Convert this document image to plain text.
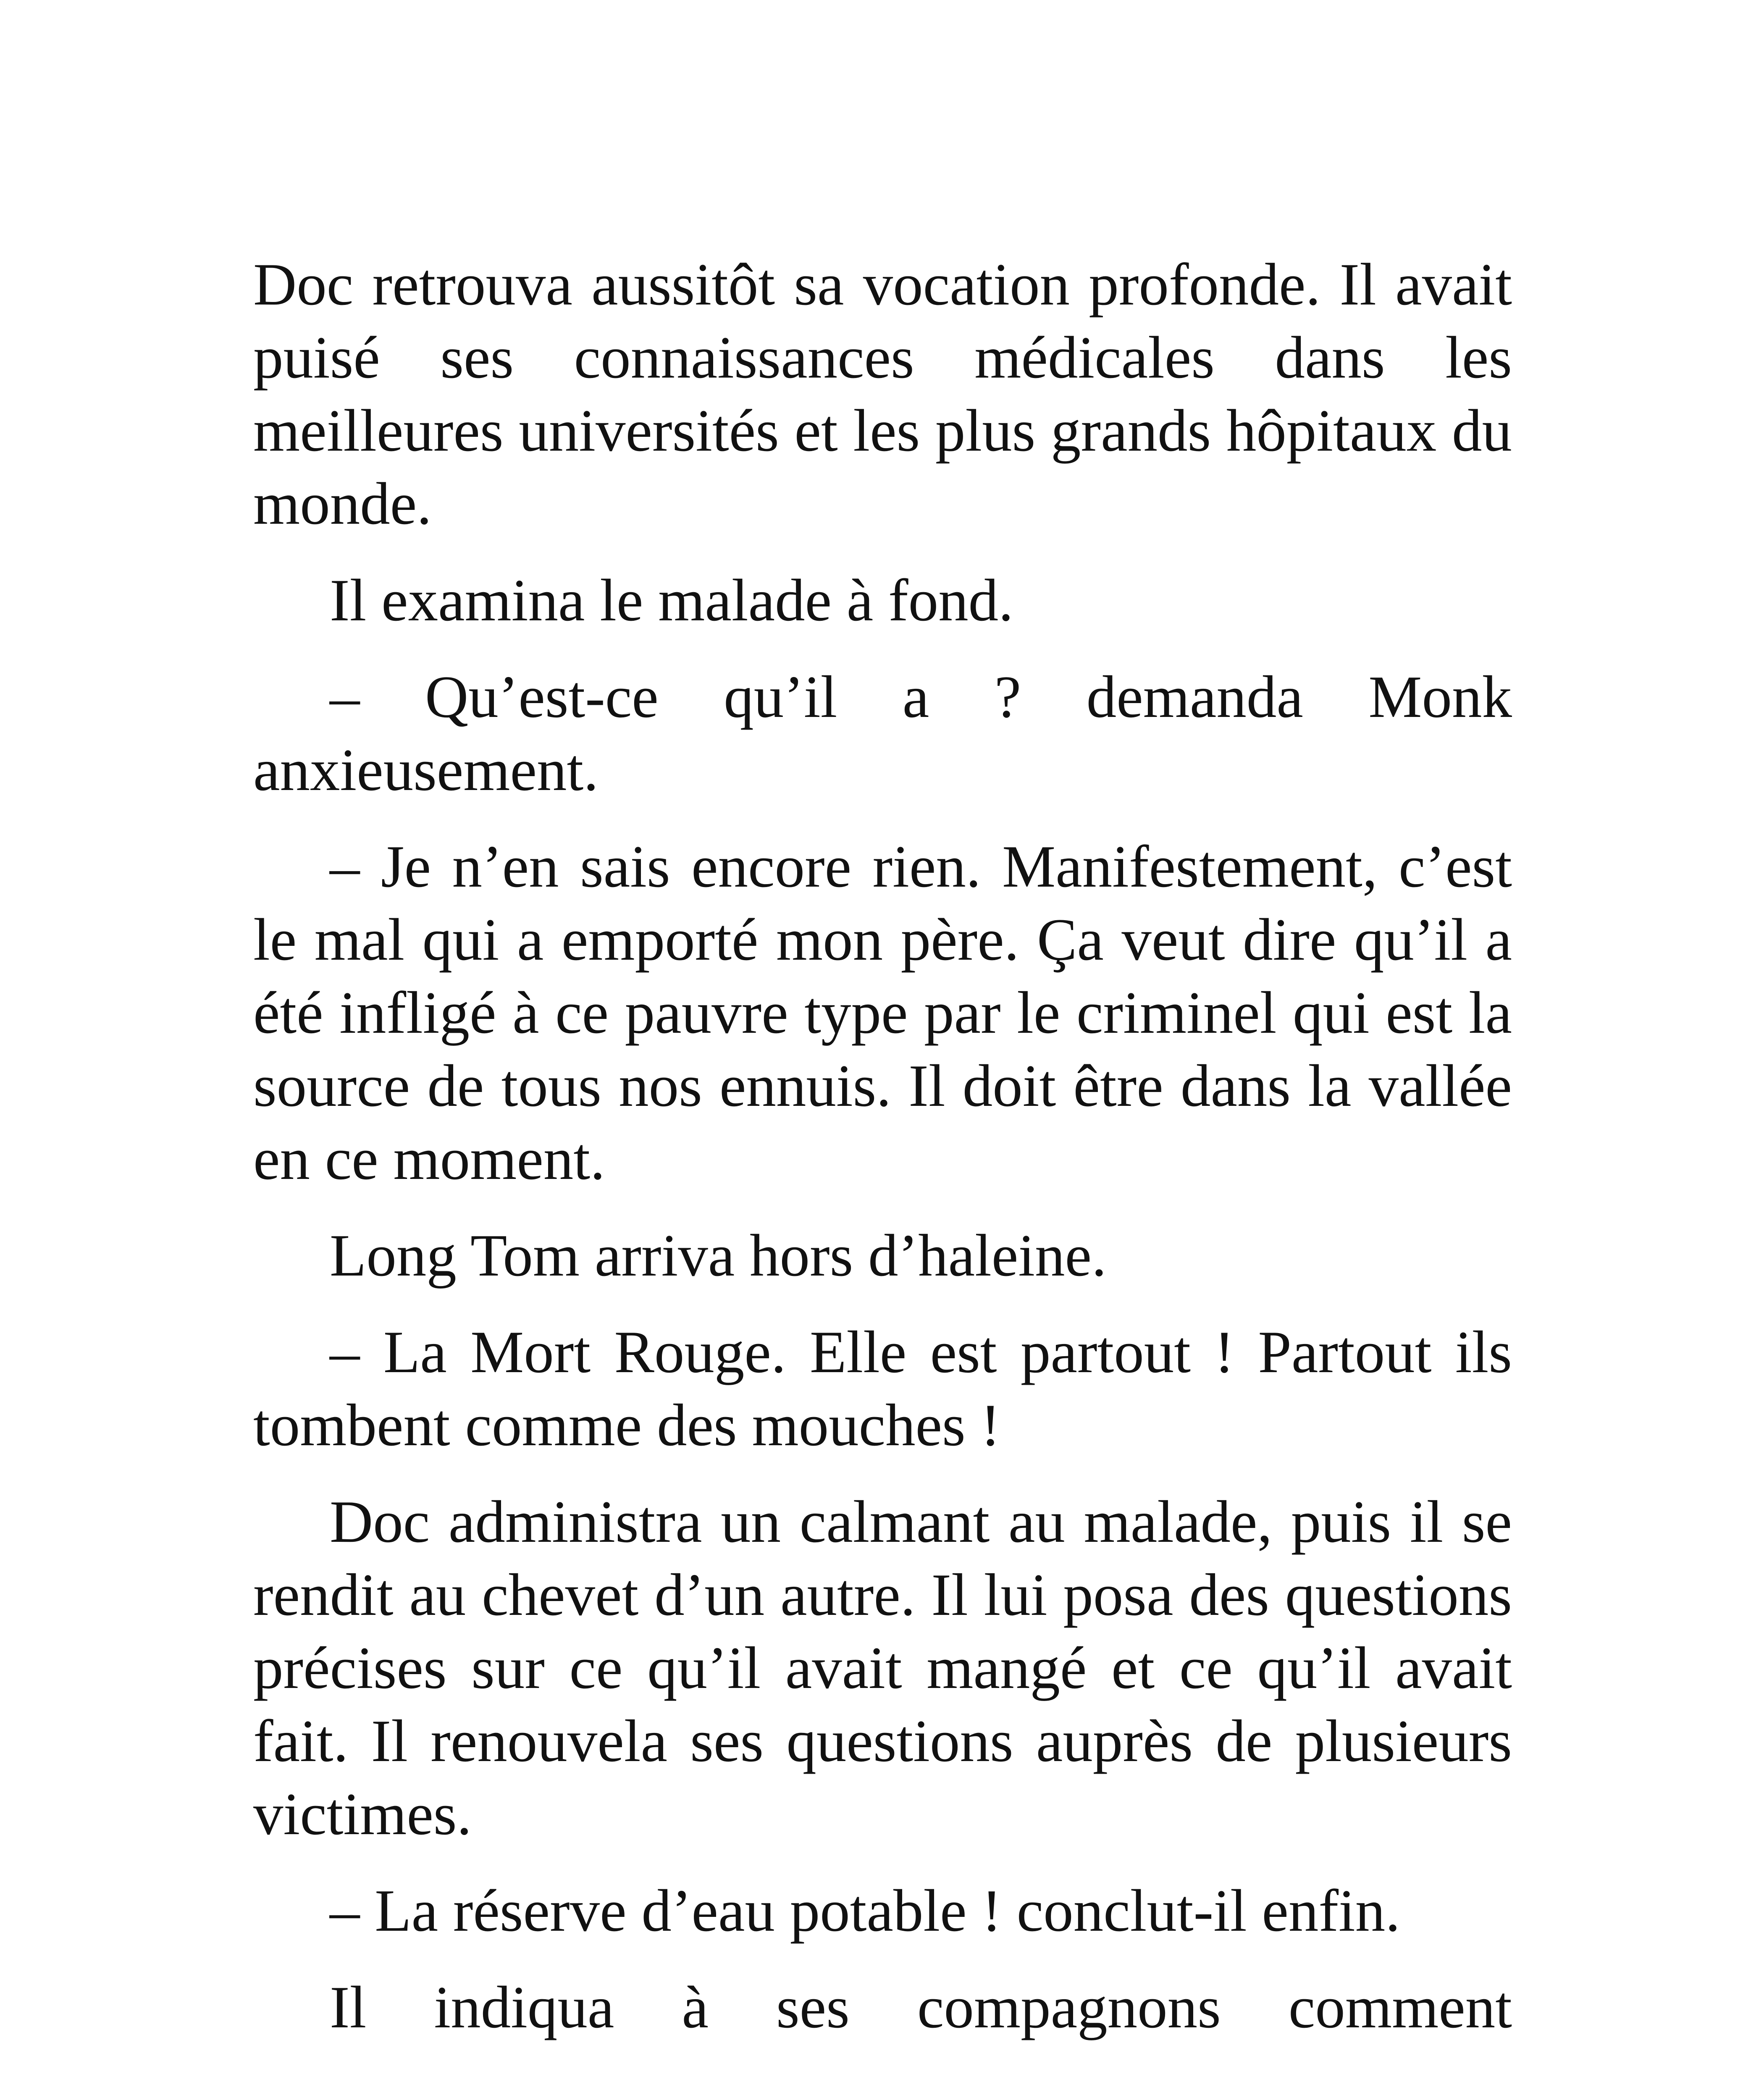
Doc retrouva aussitôt sa vocation profonde. Il avait puisé ses connaissances médicales dans les meilleures universités et les plus grands hôpitaux du monde.

Il examina le malade à fond.

– Qu’est-ce qu’il a ? demanda Monk anxieusement.

– Je n’en sais encore rien. Manifestement, c’est le mal qui a emporté mon père. Ça veut dire qu’il a été infligé à ce pauvre type par le criminel qui est la source de tous nos ennuis. Il doit être dans la vallée en ce moment.

Long Tom arriva hors d’haleine.

– La Mort Rouge. Elle est partout ! Partout ils tombent comme des mouches !

Doc administra un calmant au malade, puis il se rendit au chevet d’un autre. Il lui posa des questions précises sur ce qu’il avait mangé et ce qu’il avait fait. Il renouvela ses questions auprès de plusieurs victimes.

– La réserve d’eau potable ! conclut-il enfin.

Il indiqua à ses compagnons comment
